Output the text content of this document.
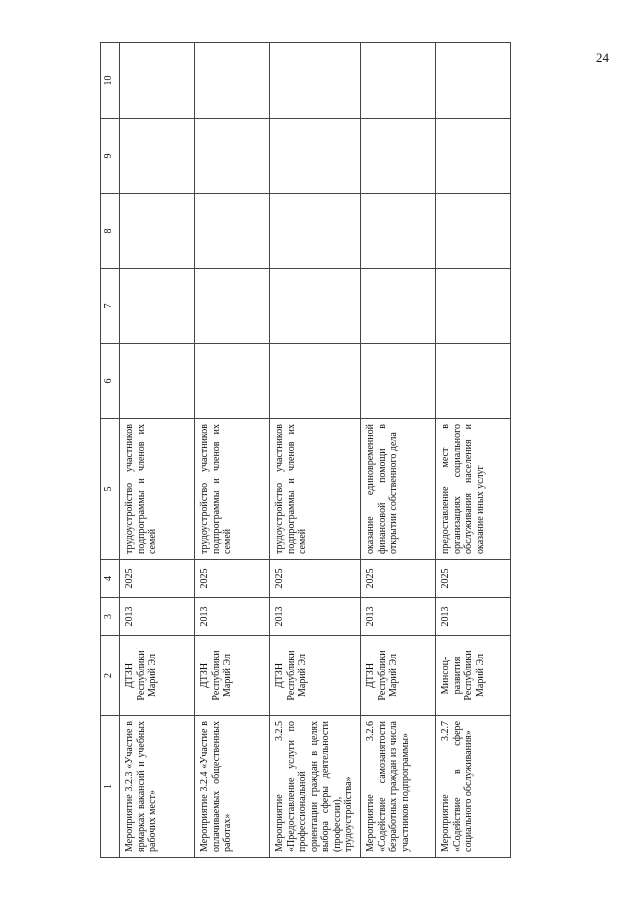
24
1	2	3	4	5	6	7	8	9	10
Мероприятие 3.2.3 «Участие в ярмарках вакансий и учебных рабочих мест»	ДТЗН Республики Марий Эл	2013	2025	трудоустройство участников подпрограммы и членов их семей					
Мероприятие 3.2.4 «Участие в оплачиваемых общественных работах»	ДТЗН Республики Марий Эл	2013	2025	трудоустройство участников подпрограммы и членов их семей					
Мероприятие 3.2.5 «Предоставление услуги по профессиональной ориентации граждан в целях выбора сферы деятельности (профессии), трудоустройства»	ДТЗН Республики Марий Эл	2013	2025	трудоустройство участников подпрограммы и членов их семей					
Мероприятие 3.2.6 «Содействие самозанятости безработных граждан из числа участников подпрограммы»	ДТЗН Республики Марий Эл	2013	2025	оказание единовременной финансовой помощи в открытии собственного дела					
Мероприятие 3.2.7 «Содействие в сфере социального обслуживания»	Минсоц-развития Республики Марий Эл	2013	2025	предоставление мест в организациях социального обслуживания населения и оказание иных услуг					
